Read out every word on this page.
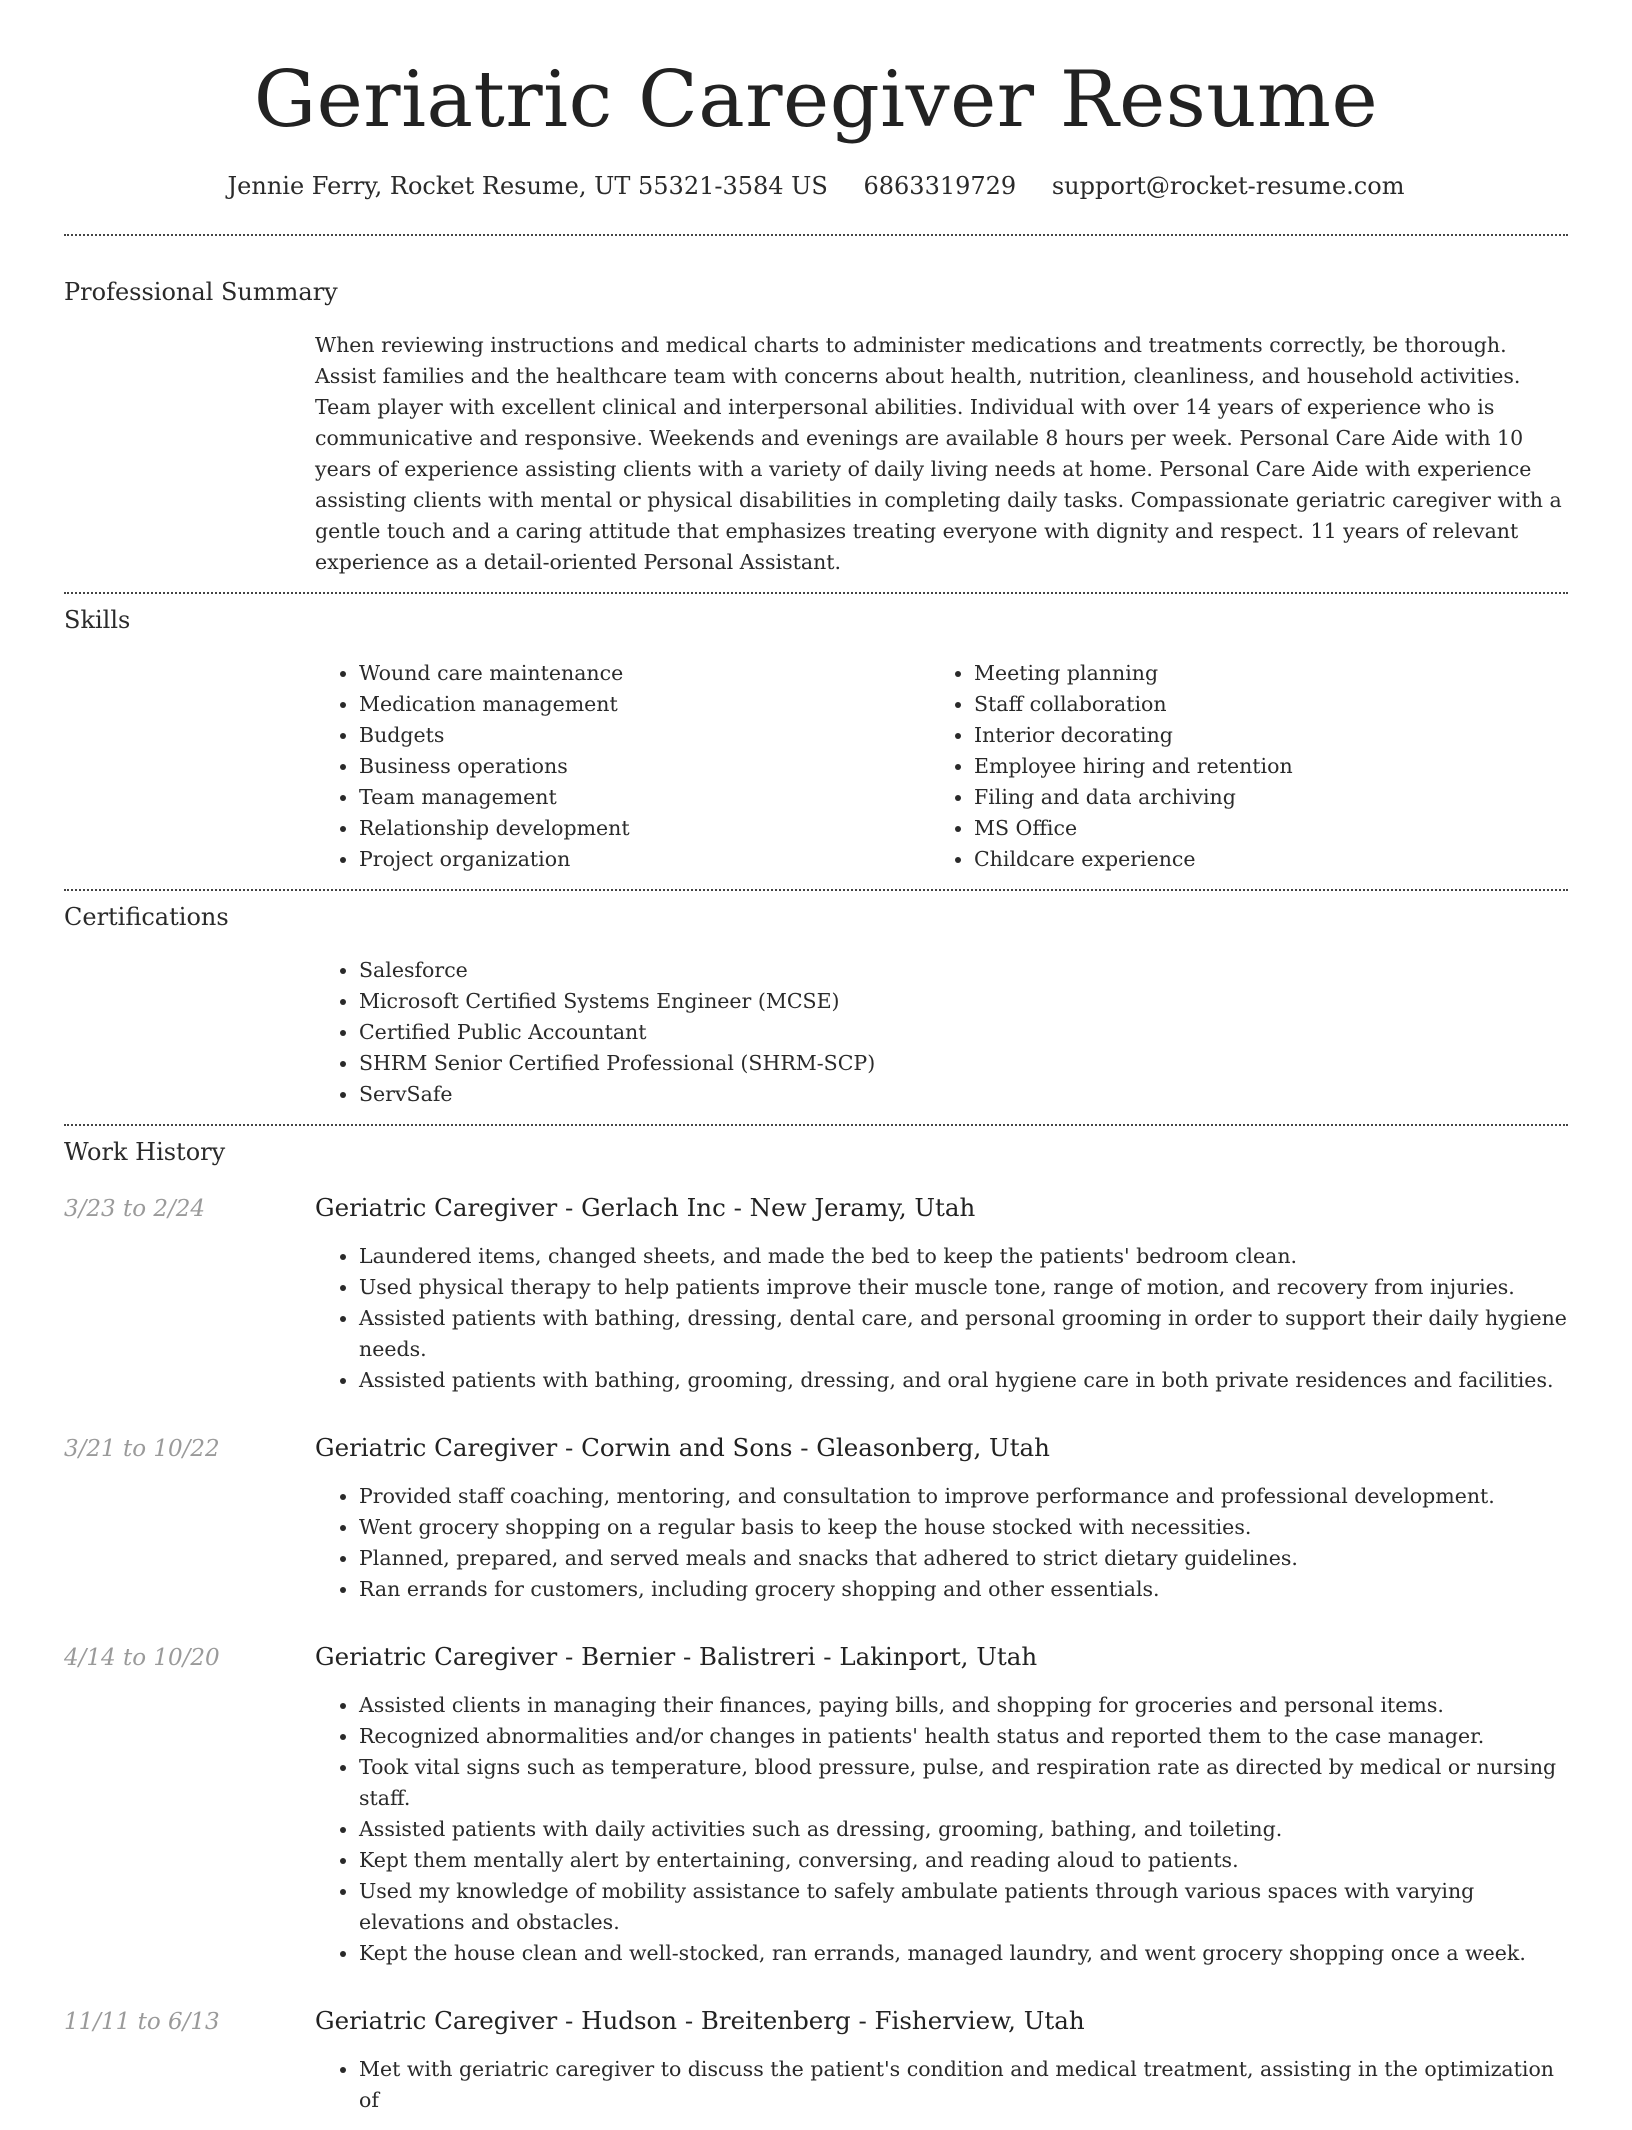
Geriatric Caregiver Resume
Jennie Ferry, Rocket Resume, UT 55321-3584 US 6863319729 support@rocket-resume.com
Professional Summary

When reviewing instructions and medical charts to administer medications and treatments correctly, be thorough. Assist families and the healthcare team with concerns about health, nutrition, cleanliness, and household activities. Team player with excellent clinical and interpersonal abilities. Individual with over 14 years of experience who is communicative and responsive. Weekends and evenings are available 8 hours per week. Personal Care Aide with 10 years of experience assisting clients with a variety of daily living needs at home. Personal Care Aide with experience assisting clients with mental or physical disabilities in completing daily tasks. Compassionate geriatric caregiver with a gentle touch and a caring attitude that emphasizes treating everyone with dignity and respect. 11 years of relevant experience as a detail-oriented Personal Assistant.

Skills
• Wound care maintenance
• Medication management
• Budgets
• Business operations
• Team management
• Relationship development
• Project organization
• Meeting planning
• Staff collaboration
• Interior decorating
• Employee hiring and retention
• Filing and data archiving
• MS Office
• Childcare experience
Certifications
• Salesforce
• Microsoft Certified Systems Engineer (MCSE)
• Certified Public Accountant
• SHRM Senior Certified Professional (SHRM-SCP)
• ServSafe
Work History
3/23 to 2/24	Geriatric Caregiver - Gerlach Inc - New Jeramy, Utah
• Laundered items, changed sheets, and made the bed to keep the patients' bedroom clean.
• Used physical therapy to help patients improve their muscle tone, range of motion, and recovery from injuries.
• Assisted patients with bathing, dressing, dental care, and personal grooming in order to support their daily hygiene needs.
• Assisted patients with bathing, grooming, dressing, and oral hygiene care in both private residences and facilities.
3/21 to 10/22	Geriatric Caregiver - Corwin and Sons - Gleasonberg, Utah
• Provided staff coaching, mentoring, and consultation to improve performance and professional development.
• Went grocery shopping on a regular basis to keep the house stocked with necessities.
• Planned, prepared, and served meals and snacks that adhered to strict dietary guidelines.
• Ran errands for customers, including grocery shopping and other essentials.
4/14 to 10/20	Geriatric Caregiver - Bernier - Balistreri - Lakinport, Utah
• Assisted clients in managing their finances, paying bills, and shopping for groceries and personal items.
• Recognized abnormalities and/or changes in patients' health status and reported them to the case manager.
• Took vital signs such as temperature, blood pressure, pulse, and respiration rate as directed by medical or nursing staff.
• Assisted patients with daily activities such as dressing, grooming, bathing, and toileting.
• Kept them mentally alert by entertaining, conversing, and reading aloud to patients.
• Used my knowledge of mobility assistance to safely ambulate patients through various spaces with varying elevations and obstacles.
• Kept the house clean and well-stocked, ran errands, managed laundry, and went grocery shopping once a week.
11/11 to 6/13	Geriatric Caregiver - Hudson - Breitenberg - Fisherview, Utah
• Met with geriatric caregiver to discuss the patient's condition and medical treatment, assisting in the optimization of
